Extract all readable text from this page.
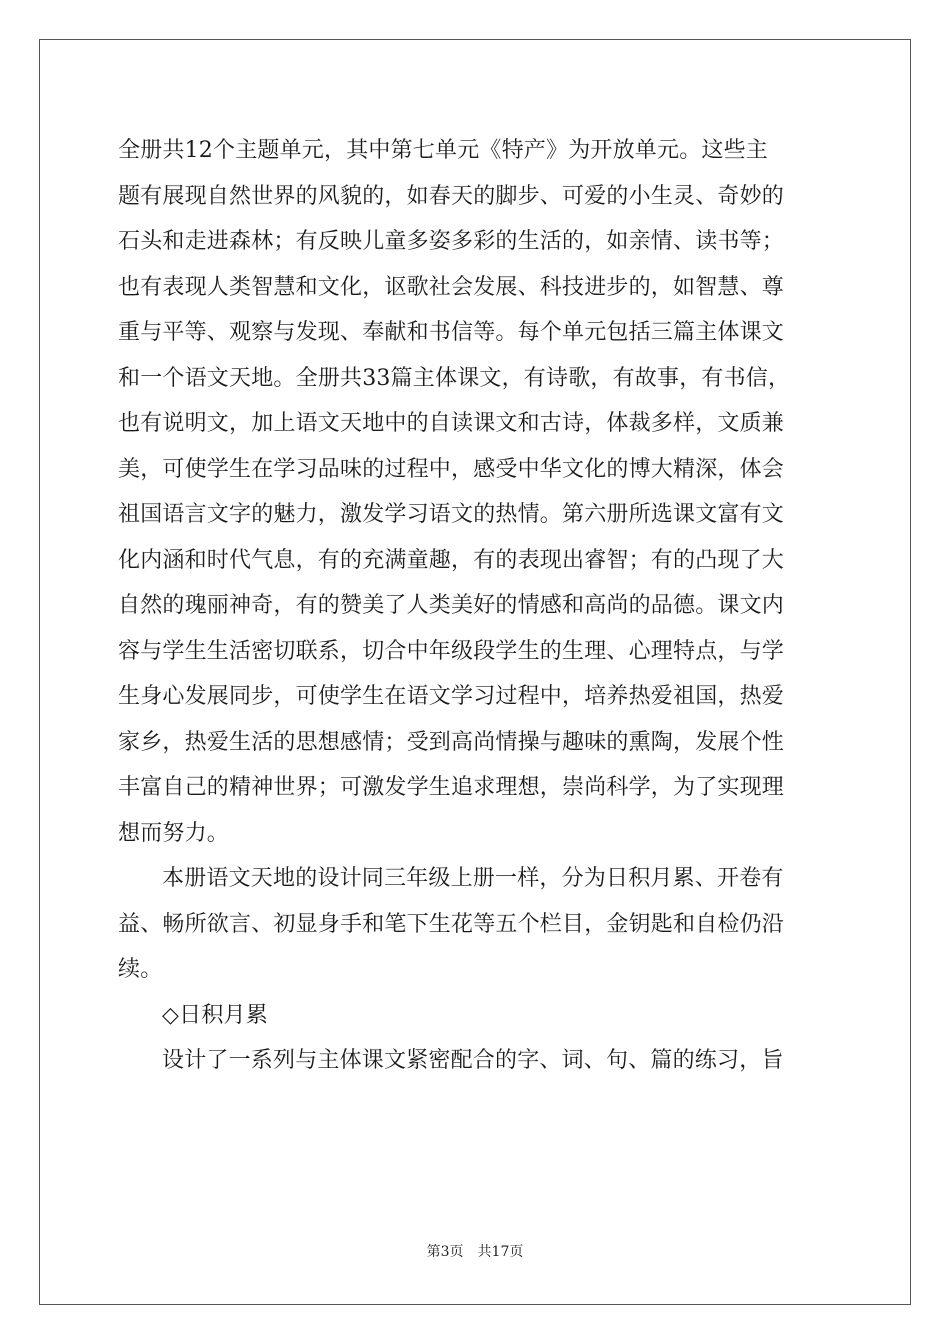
全册共12个主题单元，其中第七单元《特产》为开放单元。这些主
题有展现自然世界的风貌的，如春天的脚步、可爱的小生灵、奇妙的
石头和走进森林；有反映儿童多姿多彩的生活的，如亲情、读书等；
也有表现人类智慧和文化，讴歌社会发展、科技进步的，如智慧、尊
重与平等、观察与发现、奉献和书信等。每个单元包括三篇主体课文
和一个语文天地。全册共33篇主体课文，有诗歌，有故事，有书信，
也有说明文，加上语文天地中的自读课文和古诗，体裁多样，文质兼
美，可使学生在学习品味的过程中，感受中华文化的博大精深，体会
祖国语言文字的魅力，激发学习语文的热情。第六册所选课文富有文
化内涵和时代气息，有的充满童趣，有的表现出睿智；有的凸现了大
自然的瑰丽神奇，有的赞美了人类美好的情感和高尚的品德。课文内
容与学生生活密切联系，切合中年级段学生的生理、心理特点，与学
生身心发展同步，可使学生在语文学习过程中，培养热爱祖国，热爱
家乡，热爱生活的思想感情；受到高尚情操与趣味的熏陶，发展个性
丰富自己的精神世界；可激发学生追求理想，崇尚科学，为了实现理
想而努力。
本册语文天地的设计同三年级上册一样，分为日积月累、开卷有
益、畅所欲言、初显身手和笔下生花等五个栏目，金钥匙和自检仍沿
续。
◇日积月累
设计了一系列与主体课文紧密配合的字、词、句、篇的练习，旨
第3页 共17页
